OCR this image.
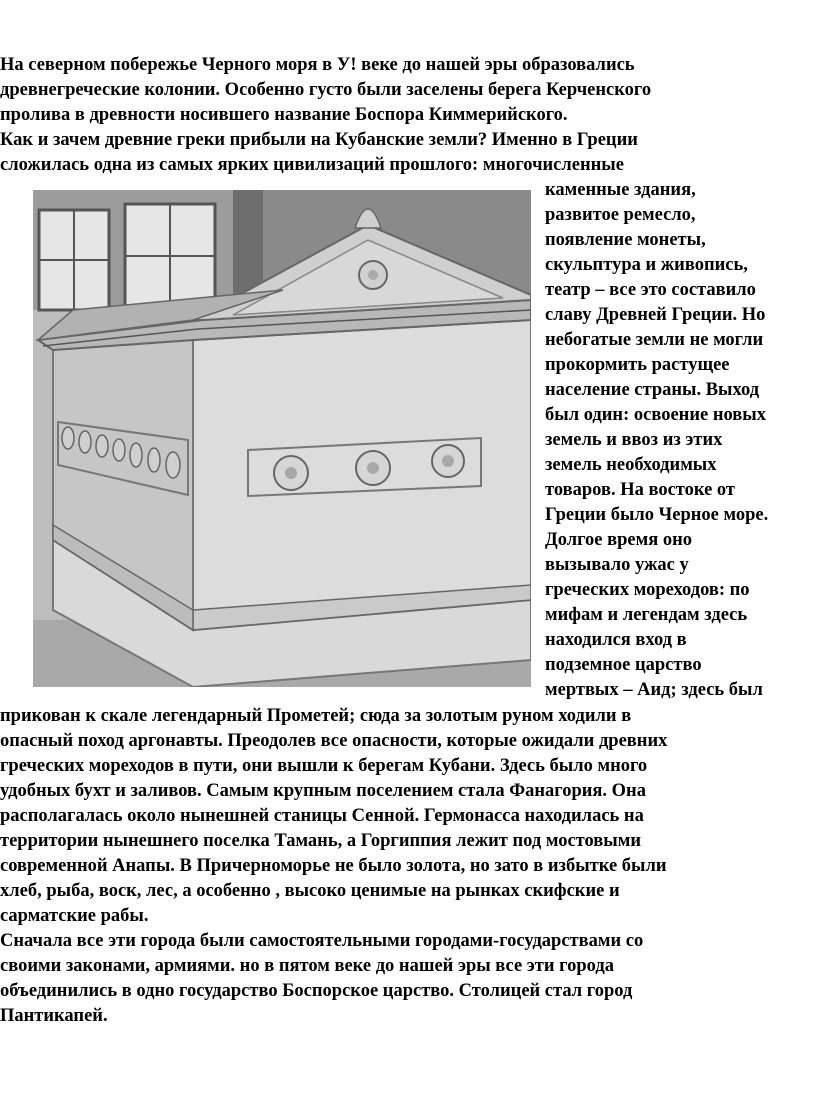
На северном побережье Черного моря в У! веке до нашей эры образовались

древнегреческие колонии. Особенно густо были заселены берега Керченского

пролива в древности носившего название Боспора Киммерийского.

Как и зачем древние греки прибыли на Кубанские земли? Именно в Греции

сложилась одна из самых ярких цивилизаций прошлого: многочисленные

каменные здания,

развитое ремесло,

появление монеты,

скульптура и живопись,

театр – все это составило

славу Древней Греции. Но

небогатые земли не могли

прокормить растущее

население страны. Выход

был один: освоение новых

земель и ввоз из этих

земель необходимых

товаров. На востоке от

Греции было Черное море.

Долгое время оно

вызывало ужас у

греческих мореходов: по

мифам и легендам здесь

находился вход в

подземное царство

мертвых – Аид; здесь был

прикован к скале легендарный Прометей; сюда за золотым руном ходили в

опасный поход аргонавты. Преодолев все опасности, которые ожидали древних

греческих мореходов в пути, они вышли к берегам Кубани. Здесь было много

удобных бухт и заливов. Самым крупным поселением стала Фанагория. Она

располагалась около нынешней станицы Сенной. Гермонасса находилась на

территории нынешнего поселка Тамань, а Горгиппия лежит под мостовыми

современной Анапы. В Причерноморье не было золота, но зато в избытке были

хлеб, рыба, воск, лес, а особенно , высоко ценимые на рынках скифские и

сарматские рабы.

Сначала все эти города были самостоятельными городами-государствами со

своими законами, армиями. но в пятом веке до нашей эры все эти города

объединились в одно государство Боспорское царство. Столицей стал город

Пантикапей.
